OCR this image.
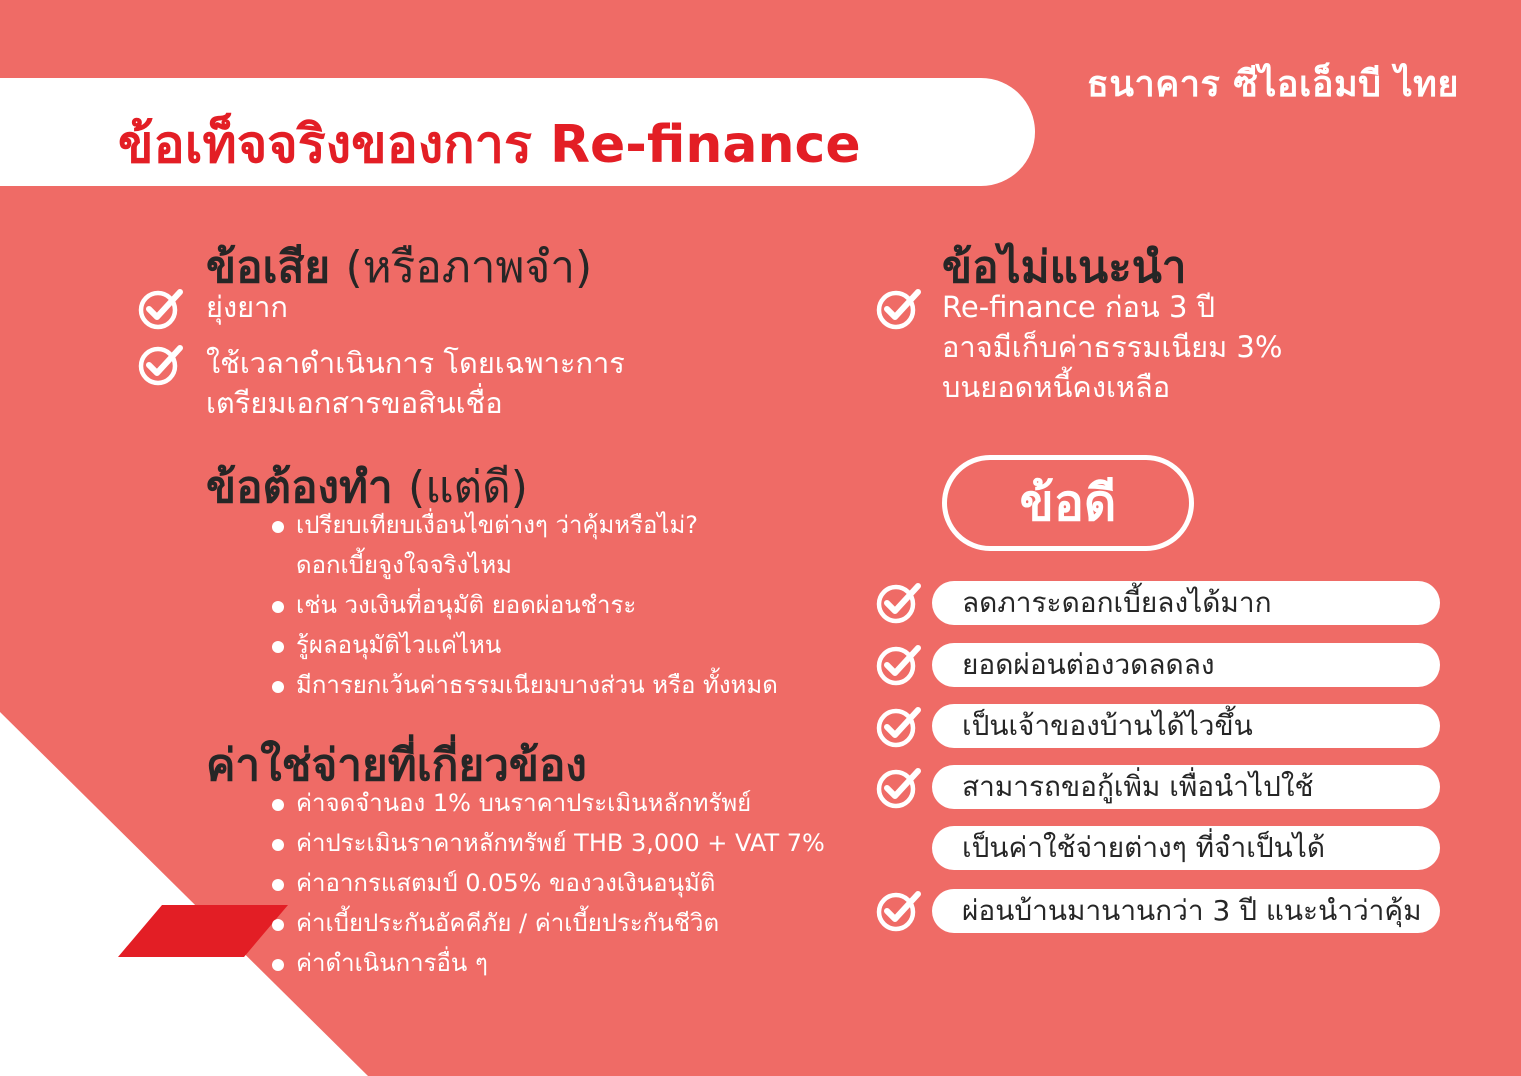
ธนาคาร ซีไอเอ็มบี ไทย
ข้อเท็จจริงของการ Re-finance
ข้อเสีย (หรือภาพจำ)
ยุ่งยาก
ใช้เวลาดำเนินการ โดยเฉพาะการ
เตรียมเอกสารขอสินเชื่อ
ข้อต้องทำ (แต่ดี)
เปรียบเทียบเงื่อนไขต่างๆ ว่าคุ้มหรือไม่?
ดอกเบี้ยจูงใจจริงไหม
เช่น วงเงินที่อนุมัติ ยอดผ่อนชำระ
รู้ผลอนุมัติไวแค่ไหน
มีการยกเว้นค่าธรรมเนียมบางส่วน หรือ ทั้งหมด
ค่าใช่จ่ายที่เกี่ยวข้อง
ค่าจดจำนอง 1% บนราคาประเมินหลักทรัพย์
ค่าประเมินราคาหลักทรัพย์ THB 3,000 + VAT 7%
ค่าอากรแสตมป์ 0.05% ของวงเงินอนุมัติ
ค่าเบี้ยประกันอัคคีภัย / ค่าเบี้ยประกันชีวิต
ค่าดำเนินการอื่น ๆ
ข้อไม่แนะนำ
Re-finance ก่อน 3 ปี
อาจมีเก็บค่าธรรมเนียม 3%
บนยอดหนี้คงเหลือ
ข้อดี
ลดภาระดอกเบี้ยลงได้มาก
ยอดผ่อนต่องวดลดลง
เป็นเจ้าของบ้านได้ไวขึ้น
สามารถขอกู้เพิ่ม เพื่อนำไปใช้
เป็นค่าใช้จ่ายต่างๆ ที่จำเป็นได้
ผ่อนบ้านมานานกว่า 3 ปี แนะนำว่าคุ้ม
